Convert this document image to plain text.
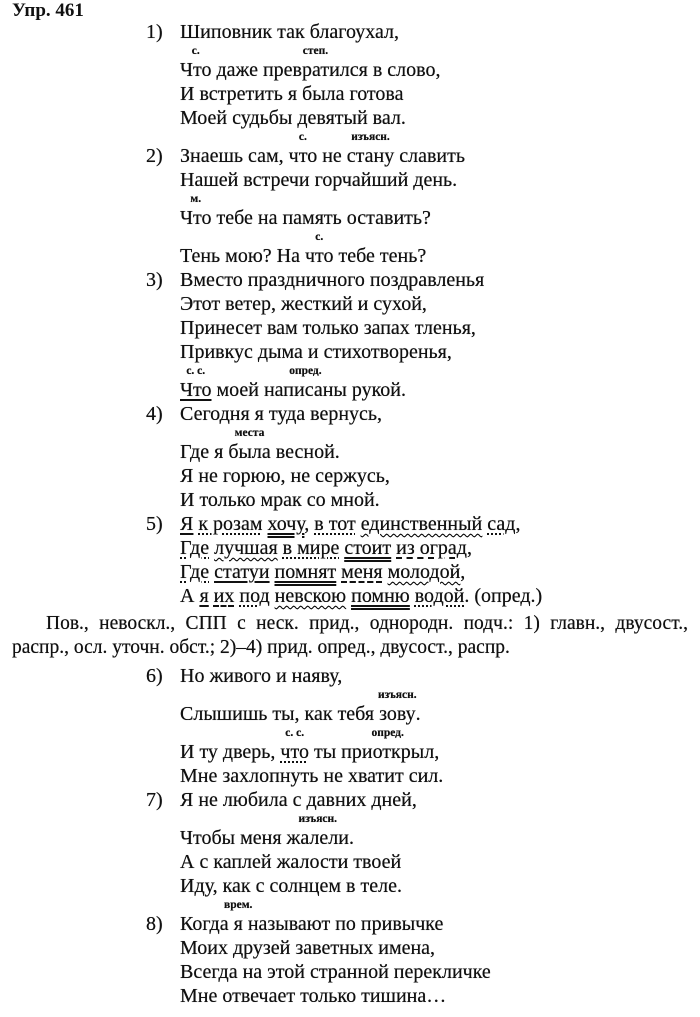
Упр. 461
1) Шиповник так благоухал,
Что
с.
даже превратился
степ.
в слово,
И встретить я была готова
Моей судьбы девятый вал.
2) Знаешь сам, что
с.
не стану
изъясн.
славить
Нашей встречи горчайший день.
Что
м.
тебе на память оставить?
Тень мою? На что
с.
тебе тень?
3) Вместо праздничного поздравленья
Этот ветер, жесткий и сухой,
Принесет вам только запах тленья,
Привкус дыма и стихотворенья,
Что
с. с.
моей написаны
опред.
рукой.
4) Сегодня я туда вернусь,
Где я была
места
весной.
Я не горюю, не сержусь,
И только мрак со мной.
5) Я к розам хочу, в тот единственный сад,
Где лучшая в мире стоит из оград,
Где статуи помнят меня молодой,
А я их под невскою помню водой. (опред.)
Пов., невоскл., СПП с неск. прид., однородн. подч.: 1) главн., двусост., распр., осл. уточн. обст.; 2)–4) прид. опред., двусост., распр.
6) Но живого и наяву,
Слышишь ты, как тебя зову
изъясн.
.
И ту дверь, что
с. с.
ты приоткрыл
опред.
,
Мне захлопнуть не хватит сил.
7) Я не любила с давних дней,
Чтобы меня жалели
изъясн.
.
А с каплей жалости твоей
Иду, как с солнцем в теле.
8) Когда я
врем.
называют по привычке
Моих друзей заветных имена,
Всегда на этой странной перекличке
Мне отвечает только тишина…
